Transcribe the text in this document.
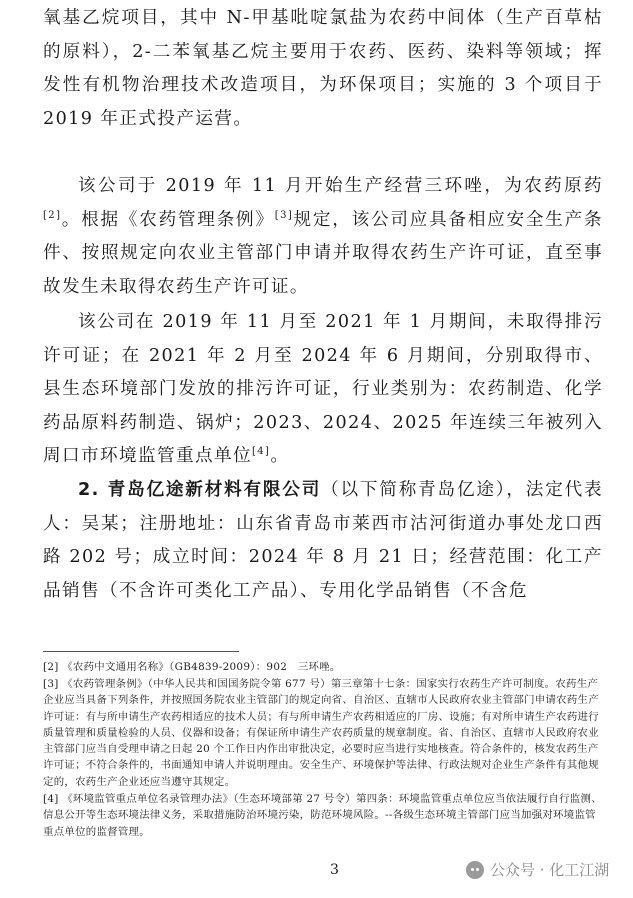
氧基乙烷项目，其中 N-甲基吡啶氯盐为农药中间体（生产百草枯的原料），2-二苯氧基乙烷主要用于农药、医药、染料等领域；挥发性有机物治理技术改造项目，为环保项目；实施的 3 个项目于 2019 年正式投产运营。

该公司于 2019 年 11 月开始生产经营三环唑，为农药原药[2]。根据《农药管理条例》[3]规定，该公司应具备相应安全生产条件、按照规定向农业主管部门申请并取得农药生产许可证，直至事故发生未取得农药生产许可证。

该公司在 2019 年 11 月至 2021 年 1 月期间，未取得排污许可证；在 2021 年 2 月至 2024 年 6 月期间，分别取得市、县生态环境部门发放的排污许可证，行业类别为：农药制造、化学药品原料药制造、锅炉；2023、2024、2025 年连续三年被列入周口市环境监管重点单位[4]。

2. 青岛亿途新材料有限公司（以下简称青岛亿途），法定代表人：吴某；注册地址：山东省青岛市莱西市沽河街道办事处龙口西路 202 号；成立时间：2024 年 8 月 21 日；经营范围：化工产品销售（不含许可类化工产品）、专用化学品销售（不含危

[2] 《农药中文通用名称》（GB4839-2009）：902　三环唑。

[3] 《农药管理条例》（中华人民共和国国务院令第 677 号）第三章第十七条：国家实行农药生产许可制度。农药生产企业应当具备下列条件，并按照国务院农业主管部门的规定向省、自治区、直辖市人民政府农业主管部门申请农药生产许可证：有与所申请生产农药相适应的技术人员；有与所申请生产农药相适应的厂房、设施；有对所申请生产农药进行质量管理和质量检验的人员、仪器和设备；有保证所申请生产农药质量的规章制度。省、自治区、直辖市人民政府农业主管部门应当自受理申请之日起 20 个工作日内作出审批决定，必要时应当进行实地核查。符合条件的，核发农药生产许可证；不符合条件的，书面通知申请人并说明理由。安全生产、环境保护等法律、行政法规对企业生产条件有其他规定的，农药生产企业还应当遵守其规定。

[4] 《环境监管重点单位名录管理办法》（生态环境部第 27 号令）第四条：环境监管重点单位应当依法履行自行监测、信息公开等生态环境法律义务，采取措施防治环境污染，防范环境风险。--各级生态环境主管部门应当加强对环境监管重点单位的监督管理。

3	公众号 · 化工江湖
